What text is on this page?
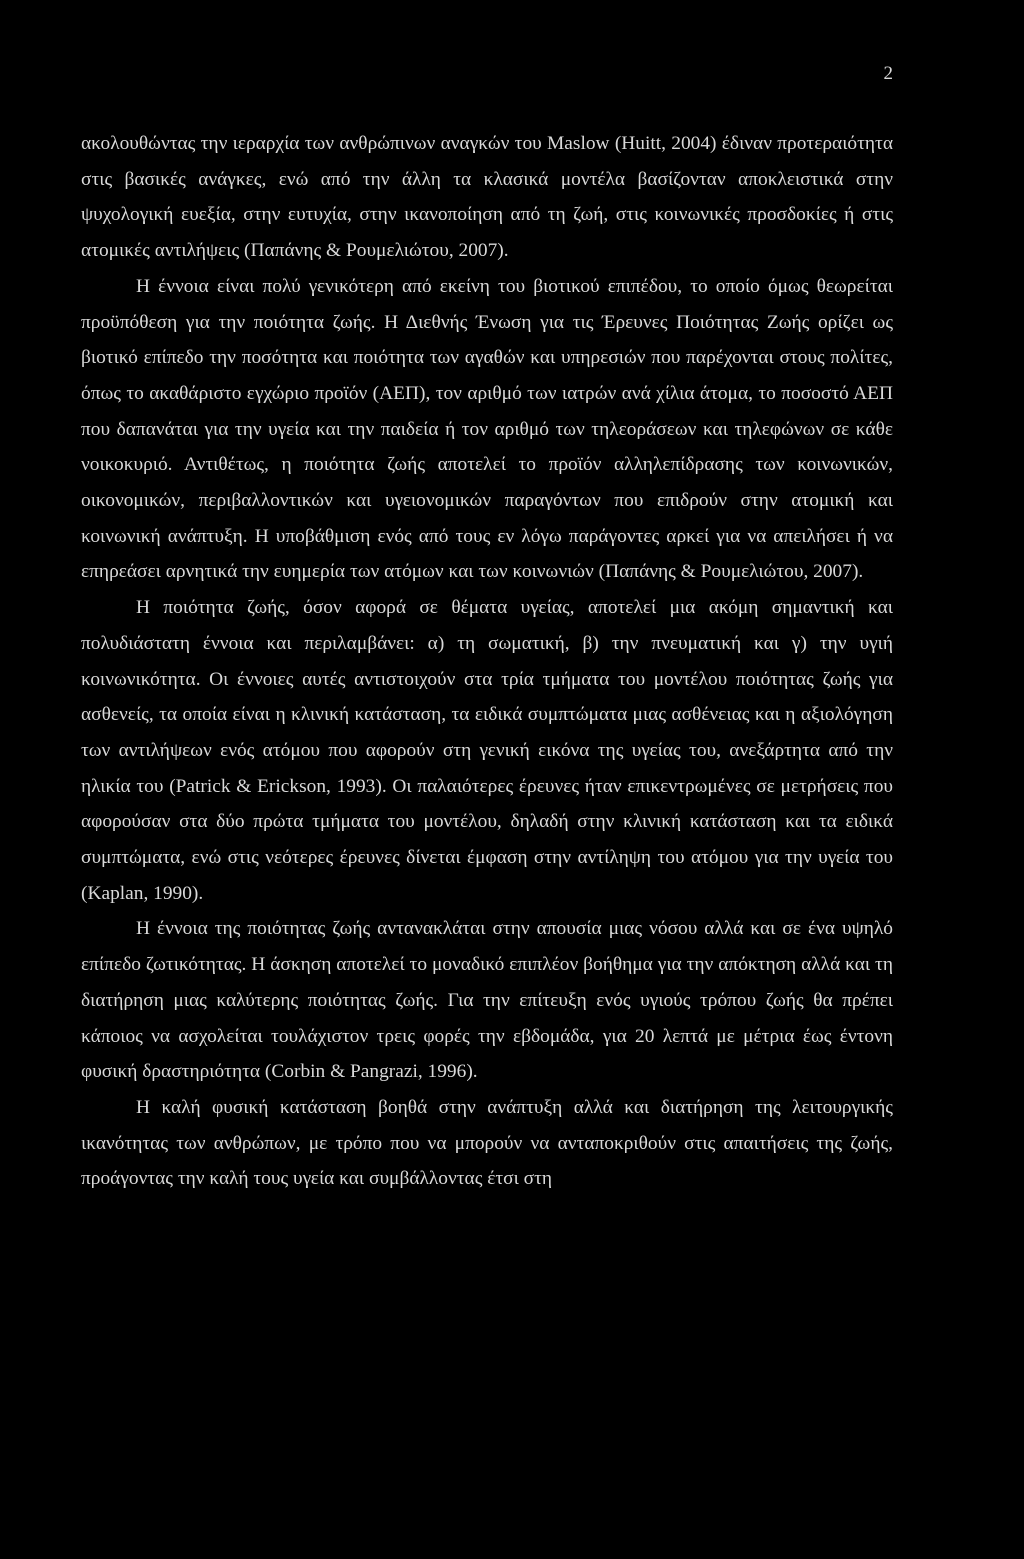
2

ακολουθώντας την ιεραρχία των ανθρώπινων αναγκών του Maslow (Huitt, 2004) έδιναν προτεραιότητα στις βασικές ανάγκες, ενώ από την άλλη τα κλασικά μοντέλα βασίζονταν αποκλειστικά στην ψυχολογική ευεξία, στην ευτυχία, στην ικανοποίηση από τη ζωή, στις κοινωνικές προσδοκίες ή στις ατομικές αντιλήψεις (Παπάνης & Ρουμελιώτου, 2007).

Η έννοια είναι πολύ γενικότερη από εκείνη του βιοτικού επιπέδου, το οποίο όμως θεωρείται προϋπόθεση για την ποιότητα ζωής. Η Διεθνής Ένωση για τις Έρευνες Ποιότητας Ζωής ορίζει ως βιοτικό επίπεδο την ποσότητα και ποιότητα των αγαθών και υπηρεσιών που παρέχονται στους πολίτες, όπως το ακαθάριστο εγχώριο προϊόν (ΑΕΠ), τον αριθμό των ιατρών ανά χίλια άτομα, το ποσοστό ΑΕΠ που δαπανάται για την υγεία και την παιδεία ή τον αριθμό των τηλεοράσεων και τηλεφώνων σε κάθε νοικοκυριό. Αντιθέτως, η ποιότητα ζωής αποτελεί το προϊόν αλληλεπίδρασης των κοινωνικών, οικονομικών, περιβαλλοντικών και υγειονομικών παραγόντων που επιδρούν στην ατομική και κοινωνική ανάπτυξη. Η υποβάθμιση ενός από τους εν λόγω παράγοντες αρκεί για να απειλήσει ή να επηρεάσει αρνητικά την ευημερία των ατόμων και των κοινωνιών (Παπάνης & Ρουμελιώτου, 2007).

Η ποιότητα ζωής, όσον αφορά σε θέματα υγείας, αποτελεί μια ακόμη σημαντική και πολυδιάστατη έννοια και περιλαμβάνει: α) τη σωματική, β) την πνευματική και γ) την υγιή κοινωνικότητα. Οι έννοιες αυτές αντιστοιχούν στα τρία τμήματα του μοντέλου ποιότητας ζωής για ασθενείς, τα οποία είναι η κλινική κατάσταση, τα ειδικά συμπτώματα μιας ασθένειας και η αξιολόγηση των αντιλήψεων ενός ατόμου που αφορούν στη γενική εικόνα της υγείας του, ανεξάρτητα από την ηλικία του (Patrick & Erickson, 1993). Οι παλαιότερες έρευνες ήταν επικεντρωμένες σε μετρήσεις που αφορούσαν στα δύο πρώτα τμήματα του μοντέλου, δηλαδή στην κλινική κατάσταση και τα ειδικά συμπτώματα, ενώ στις νεότερες έρευνες δίνεται έμφαση στην αντίληψη του ατόμου για την υγεία του (Kaplan, 1990).

Η έννοια της ποιότητας ζωής αντανακλάται στην απουσία μιας νόσου αλλά και σε ένα υψηλό επίπεδο ζωτικότητας. Η άσκηση αποτελεί το μοναδικό επιπλέον βοήθημα για την απόκτηση αλλά και τη διατήρηση μιας καλύτερης ποιότητας ζωής. Για την επίτευξη ενός υγιούς τρόπου ζωής θα πρέπει κάποιος να ασχολείται τουλάχιστον τρεις φορές την εβδομάδα, για 20 λεπτά με μέτρια έως έντονη φυσική δραστηριότητα (Corbin & Pangrazi, 1996).

Η καλή φυσική κατάσταση βοηθά στην ανάπτυξη αλλά και διατήρηση της λειτουργικής ικανότητας των ανθρώπων, με τρόπο που να μπορούν να ανταποκριθούν στις απαιτήσεις της ζωής, προάγοντας την καλή τους υγεία και συμβάλλοντας έτσι στη
